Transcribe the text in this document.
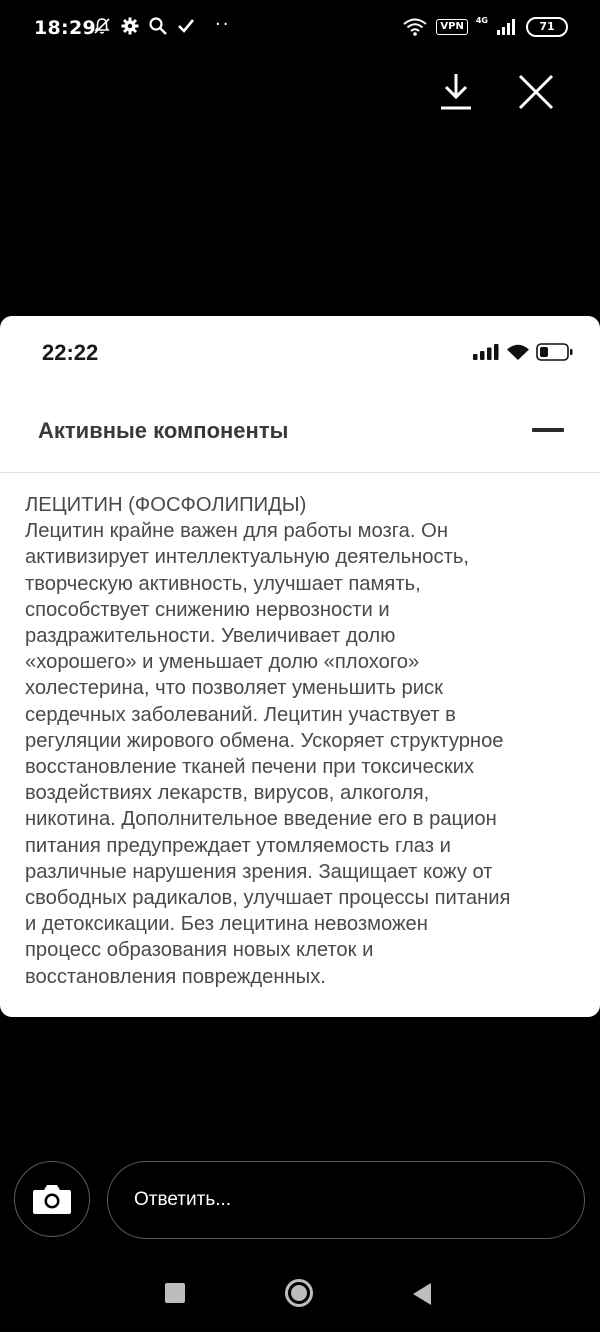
18:29	··	VPN
4G	71
22:22
Активные компоненты

ЛЕЦИТИН (ФОСФОЛИПИДЫ)

Лецитин крайне важен для работы мозга. Он

активизирует интеллектуальную деятельность,

творческую активность, улучшает память,

способствует снижению нервозности и

раздражительности. Увеличивает долю

«хорошего» и уменьшает долю «плохого»

холестерина, что позволяет уменьшить риск

сердечных заболеваний. Лецитин участвует в

регуляции жирового обмена. Ускоряет структурное

восстановление тканей печени при токсических

воздействиях лекарств, вирусов, алкоголя,

никотина. Дополнительное введение его в рацион

питания предупреждает утомляемость глаз и

различные нарушения зрения. Защищает кожу от

свободных радикалов, улучшает процессы питания

и детоксикации. Без лецитина невозможен

процесс образования новых клеток и

восстановления поврежденных.

Ответить...
